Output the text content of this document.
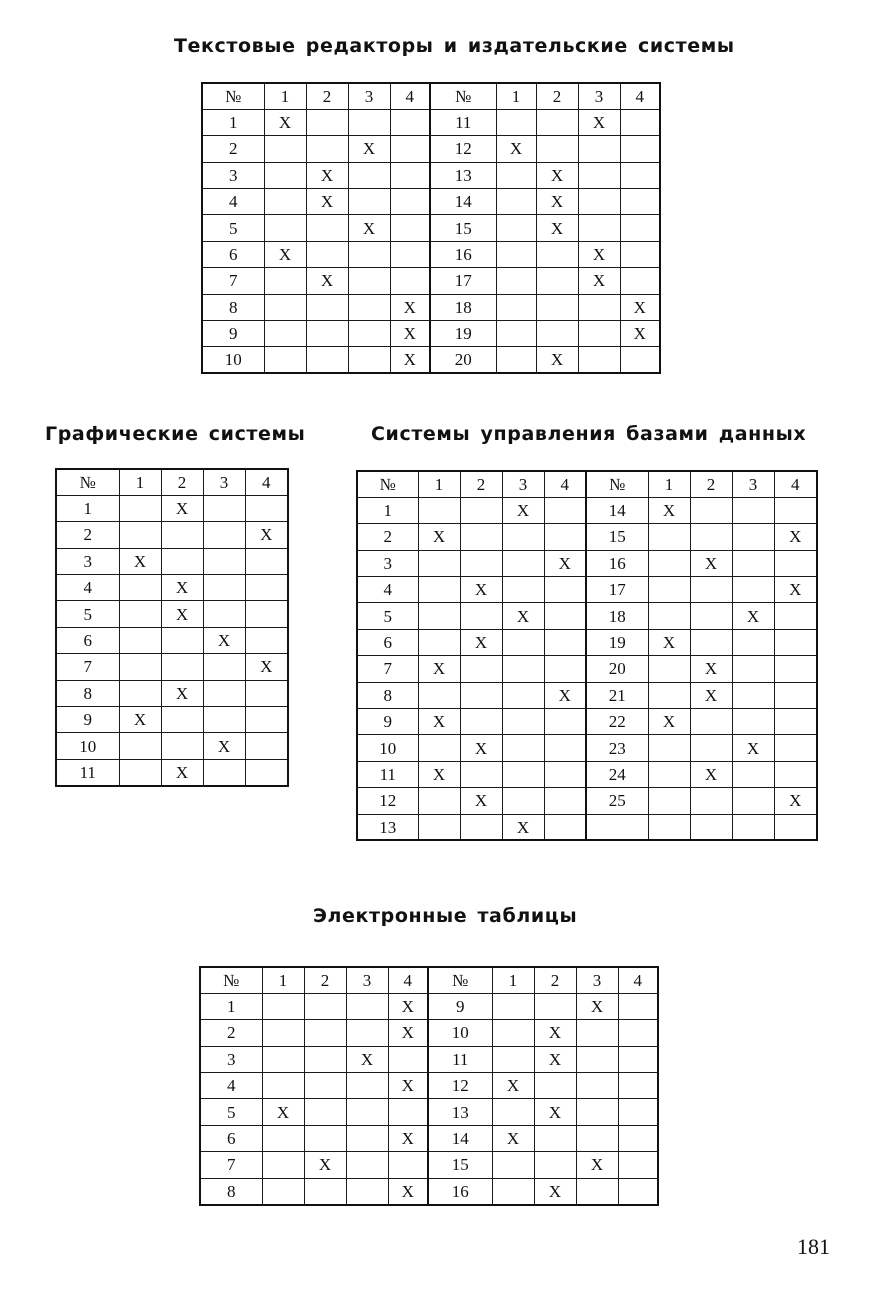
Текстовые редакторы и издательские системы
Графические системы	Системы управления базами данных
Электронные таблицы
№	1	2	3	4	№	1	2	3	4
1	X				11			X	
2			X		12	X			
3		X			13		X		
4		X			14		X		
5			X		15		X		
6	X				16			X	
7		X			17			X	
8				X	18				X
9				X	19				X
10				X	20		X		
№	1	2	3	4
1		X		
2				X
3	X			
4		X		
5		X		
6			X	
7				X
8		X		
9	X			
10			X	
11		X		
№	1	2	3	4	№	1	2	3	4
1			X		14	X			
2	X				15				X
3				X	16		X		
4		X			17				X
5			X		18			X	
6		X			19	X			
7	X				20		X		
8				X	21		X		
9	X				22	X			
10		X			23			X	
11	X				24		X		
12		X			25				X
13			X						
№	1	2	3	4	№	1	2	3	4
1				X	9			X	
2				X	10		X		
3			X		11		X		
4				X	12	X			
5	X				13		X		
6				X	14	X			
7		X			15			X	
8				X	16		X		
181
